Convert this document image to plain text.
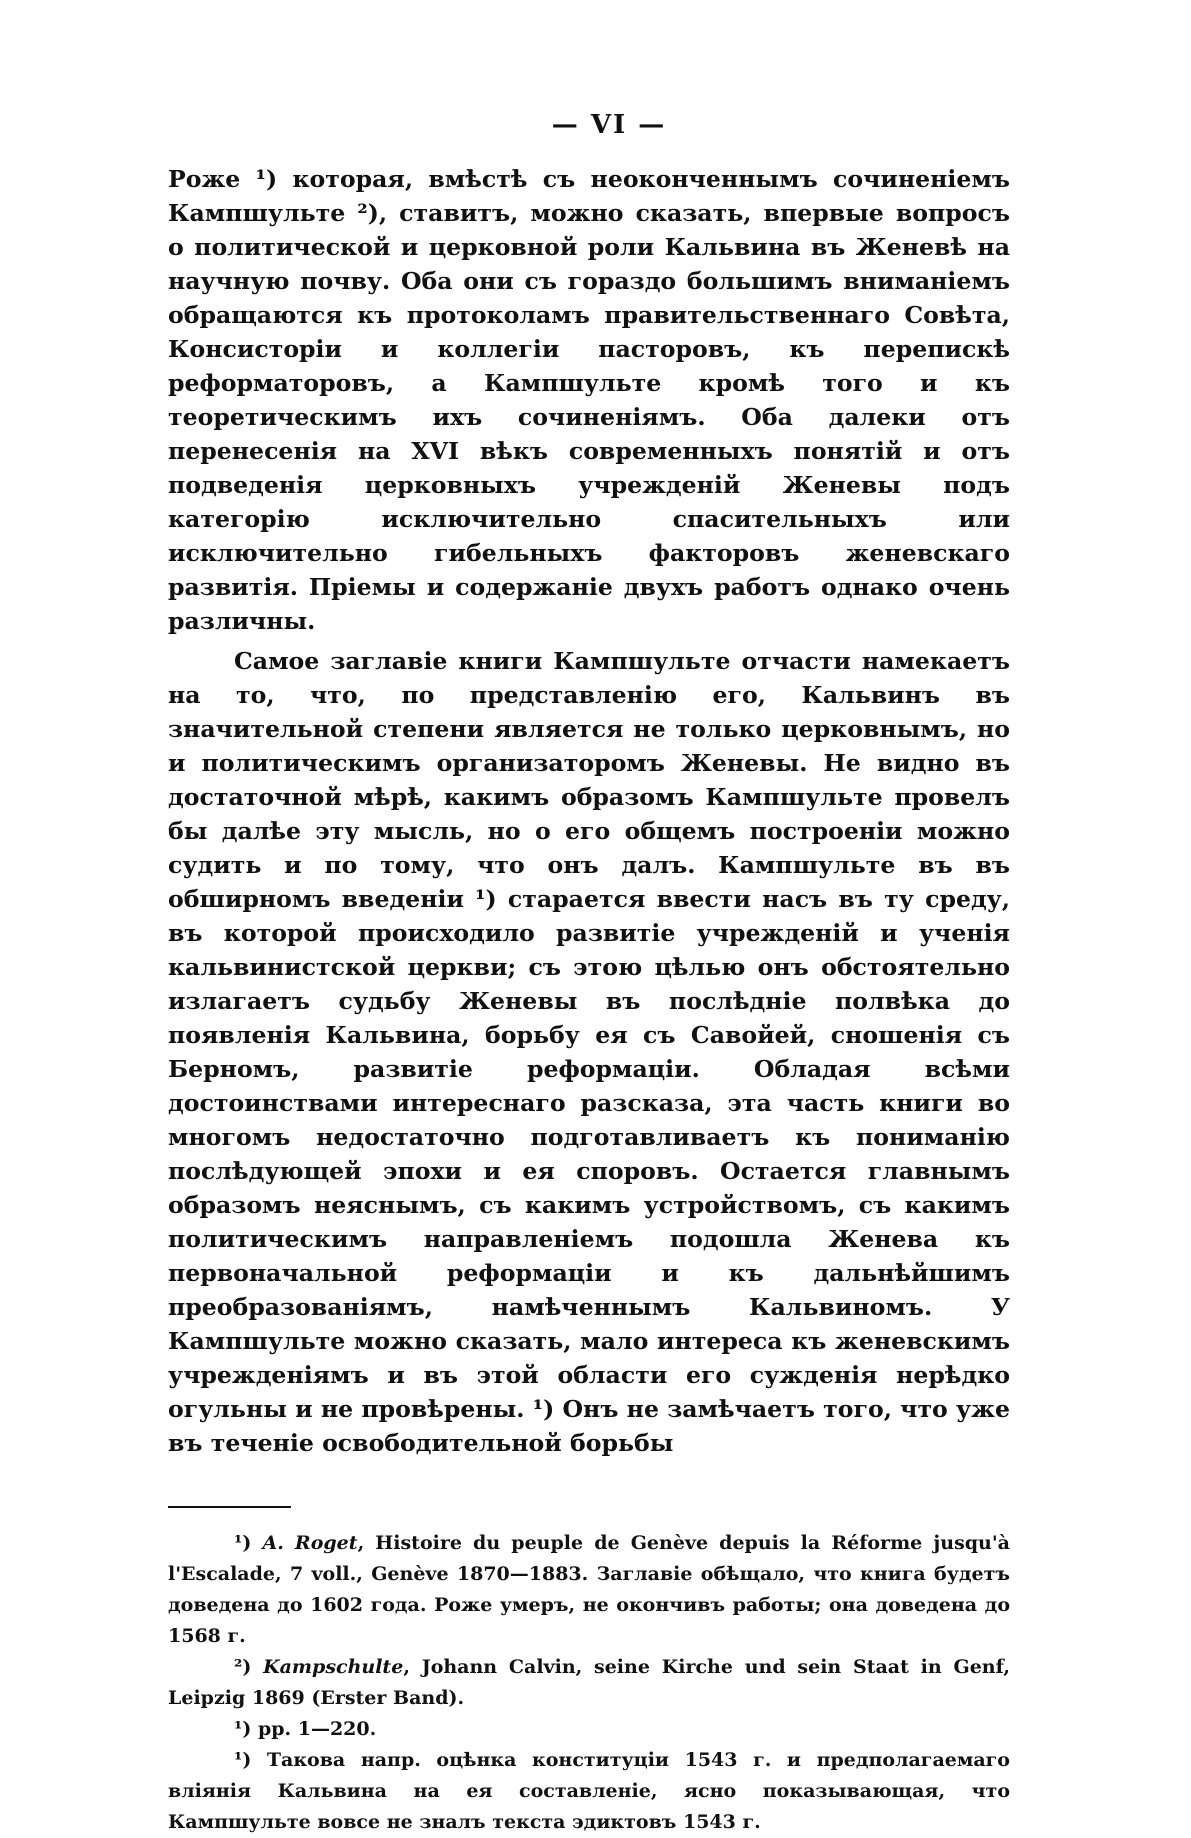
— VI —

Роже ¹) которая, вмѣстѣ съ неоконченнымъ сочиненіемъ Кампшульте ²), ставитъ, можно сказать, впервые вопросъ о политической и церковной роли Кальвина въ Женевѣ на научную почву. Оба они съ гораздо большимъ вниманіемъ обращаются къ протоколамъ правительственнаго Совѣта, Консисторіи и коллегіи пасторовъ, къ перепискѣ реформаторовъ, а Кампшульте кромѣ того и къ теоретическимъ ихъ сочиненіямъ. Оба далеки отъ перенесенія на XVI вѣкъ современныхъ понятій и отъ подведенія церковныхъ учрежденій Женевы подъ категорію исключительно спасительныхъ или исключительно гибельныхъ факторовъ женевскаго развитія. Пріемы и содержаніе двухъ работъ однако очень различны.

Самое заглавіе книги Кампшульте отчасти намекаетъ на то, что, по представленію его, Кальвинъ въ значительной степени является не только церковнымъ, но и политическимъ организаторомъ Женевы. Не видно въ достаточной мѣрѣ, какимъ образомъ Кампшульте провелъ бы далѣе эту мысль, но о его общемъ построеніи можно судить и по тому, что онъ далъ. Кампшульте въ въ обширномъ введеніи ¹) старается ввести насъ въ ту среду, въ которой происходило развитіе учрежденій и ученія кальвинистской церкви; съ этою цѣлью онъ обстоятельно излагаетъ судьбу Женевы въ послѣдніе полвѣка до появленія Кальвина, борьбу ея съ Савойей, сношенія съ Берномъ, развитіе реформаціи. Обладая всѣми достоинствами интереснаго разсказа, эта часть книги во многомъ недостаточно подготавливаетъ къ пониманію послѣдующей эпохи и ея споровъ. Остается главнымъ образомъ неяснымъ, съ какимъ устройствомъ, съ какимъ политическимъ направленіемъ подошла Женева къ первоначальной реформаціи и къ дальнѣйшимъ преобразованіямъ, намѣченнымъ Кальвиномъ. У Кампшульте можно сказать, мало интереса къ женевскимъ учрежденіямъ и въ этой области его сужденія нерѣдко огульны и не провѣрены. ¹) Онъ не замѣчаетъ того, что уже въ теченіе освободительной борьбы

¹) A. Roget, Histoire du peuple de Genève depuis la Réforme jusqu'à l'Escalade, 7 voll., Genève 1870—1883. Заглавіе обѣщало, что книга будетъ доведена до 1602 года. Роже умеръ, не окончивъ работы; она доведена до 1568 г.

²) Kampschulte, Johann Calvin, seine Kirche und sein Staat in Genf, Leipzig 1869 (Erster Band).

¹) pp. 1—220.

¹) Такова напр. оцѣнка конституціи 1543 г. и предполагаемаго вліянія Кальвина на ея составленіе, ясно показывающая, что Кампшульте вовсе не зналъ текста эдиктовъ 1543 г.
